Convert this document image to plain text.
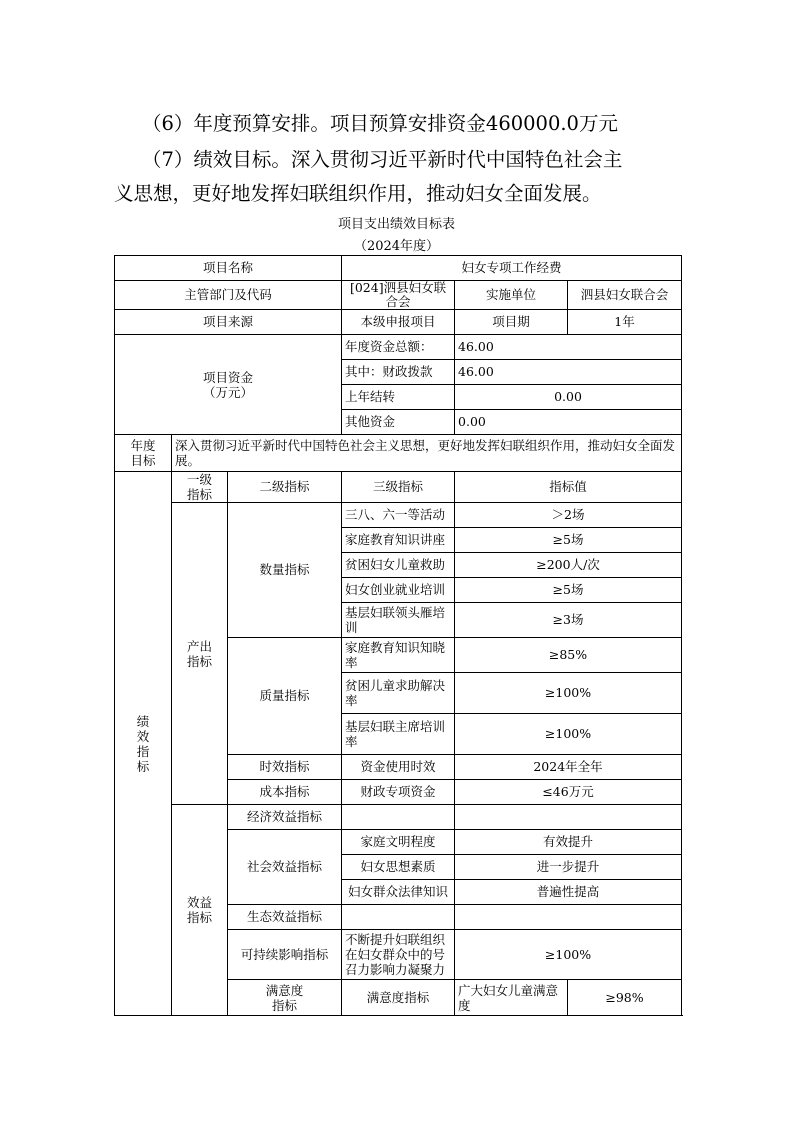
（6）年度预算安排。项目预算安排资金460000.0万元
（7）绩效目标。深入贯彻习近平新时代中国特色社会主
义思想，更好地发挥妇联组织作用，推动妇女全面发展。
项目支出绩效目标表
（2024年度）
项目名称			妇女专项工作经费		
主管部门及代码			[024]泗县妇女联合会	实施单位	泗县妇女联合会
项目来源			本级申报项目	项目期	1年
项目资金（万元）			年度资金总额：	46.00	
			其中：财政拨款	46.00	
			上年结转	0.00	
			其他资金	0.00	
年度目标	深入贯彻习近平新时代中国特色社会主义思想，更好地发挥妇联组织作用，推动妇女全面发展。				
绩效指标	一级指标	二级指标	三级指标	指标值	
	产出指标	数量指标	三八、六一等活动	＞2场	
			家庭教育知识讲座	≥5场	
			贫困妇女儿童救助	≥200人/次	
			妇女创业就业培训	≥5场	
			基层妇联领头雁培训	≥3场	
		质量指标	家庭教育知识知晓率	≥85%	
			贫困儿童求助解决率	≥100%	
			基层妇联主席培训率	≥100%	
		时效指标	资金使用时效	2024年全年	
		成本指标	财政专项资金	≤46万元	
	效益指标	经济效益指标			
		社会效益指标	家庭文明程度	有效提升	
			妇女思想素质	进一步提升	
			妇女群众法律知识	普遍性提高	
		生态效益指标			
		可持续影响指标	不断提升妇联组织在妇女群众中的号召力影响力凝聚力	≥100%	
		满意度指标	满意度指标	广大妇女儿童满意度	≥98%
